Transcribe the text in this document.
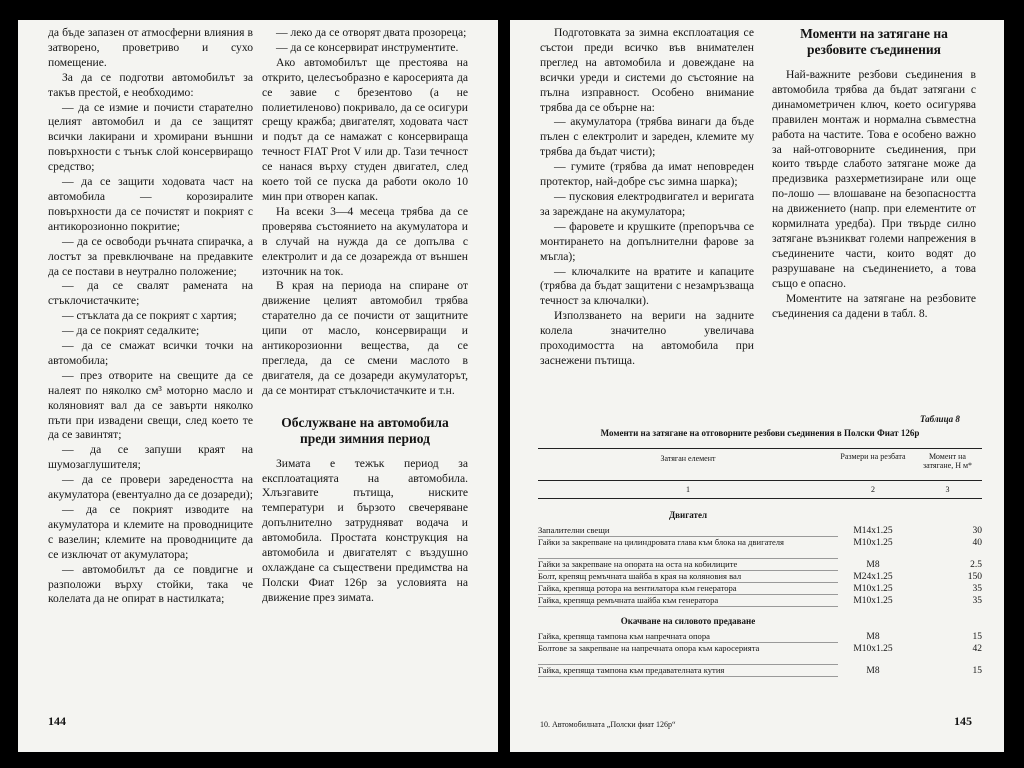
да бъде запазен от атмосферни влияния в затворено, проветриво и сухо помещение.

За да се подготви автомобилът за такъв престой, е необходимо:

— да се измие и почисти старателно целият автомобил и да се защитят всички лакирани и хромирани външни повърхности с тънък слой консервиращо средство;

— да се защити ходовата част на автомобила — корозиралите повърхности да се почистят и покрият с антикорозионно покритие;

— да се освободи ръчната спирачка, а лостът за превключване на предавките да се постави в неутрално положение;

— да се свалят рамената на стъклочистачките;

— стъклата да се покрият с хартия;

— да се покрият седалките;

— да се смажат всички точки на автомобила;

— през отворите на свещите да се налеят по няколко см³ моторно масло и коляновият вал да се завърти няколко пъти при извадени свещи, след което те да се завинтят;

— да се запуши краят на шумозаглушителя;

— да се провери заредеността на акумулатора (евентуално да се дозареди);

— да се покрият изводите на акумулатора и клемите на проводниците с вазелин; клемите на проводниците да се изключат от акумулатора;

— автомобилът да се повдигне и разположи върху стойки, така че колелата да не опират в настилката;

— леко да се отворят двата прозореца;

— да се консервират инструментите.

Ако автомобилът ще престоява на открито, целесъобразно е каросерията да се завие с брезентово (а не полиетиленово) покривало, да се осигури срещу кражба; двигателят, ходовата част и подът да се намажат с консервираща течност FIAT Prot V или др. Тази течност се нанася върху студен двигател, след което той се пуска да работи около 10 мин при отворен капак.

На всеки 3—4 месеца трябва да се проверява състоянието на акумулатора и в случай на нужда да се допълва с електролит и да се дозарежда от външен източник на ток.

В края на периода на спиране от движение целият автомобил трябва старателно да се почисти от защитните ципи от масло, консервиращи и антикорозионни вещества, да се прегледа, да се смени маслото в двигателя, да се дозареди акумулаторът, да се монтират стъклочистачките и т.н.

Обслужване на автомобила преди зимния период

Зимата е тежък период за експлоатацията на автомобила. Хлъзгавите пътища, ниските температури и бързото свечеряване допълнително затрудняват водача и автомобила. Простата конструкция на автомобила и двигателят с въздушно охлаждане са съществени предимства на Полски Фиат 126р за условията на движение през зимата.

144

Подготовката за зимна експлоатация се състои преди всичко във внимателен преглед на автомобила и довеждане на всички уреди и системи до състояние на пълна изправност. Особено внимание трябва да се обърне на:

— акумулатора (трябва винаги да бъде пълен с електролит и зареден, клемите му трябва да бъдат чисти);

— гумите (трябва да имат неповреден протектор, най-добре със зимна шарка);

— пусковия електродвигател и веригата за зареждане на акумулатора;

— фаровете и крушките (препоръчва се монтирането на допълнителни фарове за мъгла);

— ключалките на вратите и капаците (трябва да бъдат защитени с незамръзваща течност за ключалки).

Използването на вериги на задните колела значително увеличава проходимостта на автомобила при заснежени пътища.

Моменти на затягане на резбовите съединения

Най-важните резбови съединения в автомобила трябва да бъдат затягани с динамометричен ключ, което осигурява правилен монтаж и нормална съвместна работа на частите. Това е особено важно за най-отговорните съединения, при които твърде слабото затягане може да предизвика разхерметизиране или още по-лошо — влошаване на безопасността на движението (напр. при елементите от кормилната уредба). При твърде силно затягане възникват големи напрежения в съединените части, които водят до разрушаване на съединението, а това също е опасно.

Моментите на затягане на резбовите съединения са дадени в табл. 8.

Таблица 8
Моменти на затягане на отговорните резбови съединения в Полски Фиат 126р
Затяган елемент	Размери на резбата	Момент на затягане, Н м*
1	2	3
Двигател
Запалителни свещи	M14x1.25	30
Гайки за закрепване на цилиндровата глава към блока на двигателя	M10x1.25	40
Гайки за закрепване на опората на оста на кобилиците	M8	2.5
Болт, крепящ ремъчната шайба в края на коляновия вал	M24x1.25	150
Гайка, крепяща ротора на вентилатора към генератора	M10x1.25	35
Гайка, крепяща ремъчната шайба към генератора	M10x1.25	35
Окачване на силовото предаване
Гайка, крепяща тампона към напречната опора	M8	15
Болтове за закрепване на напречната опора към каросерията	M10x1.25	42
Гайка, крепяща тампона към предавателната кутия	M8	15
10. Автомобилната „Полски фиат 126р“	145
